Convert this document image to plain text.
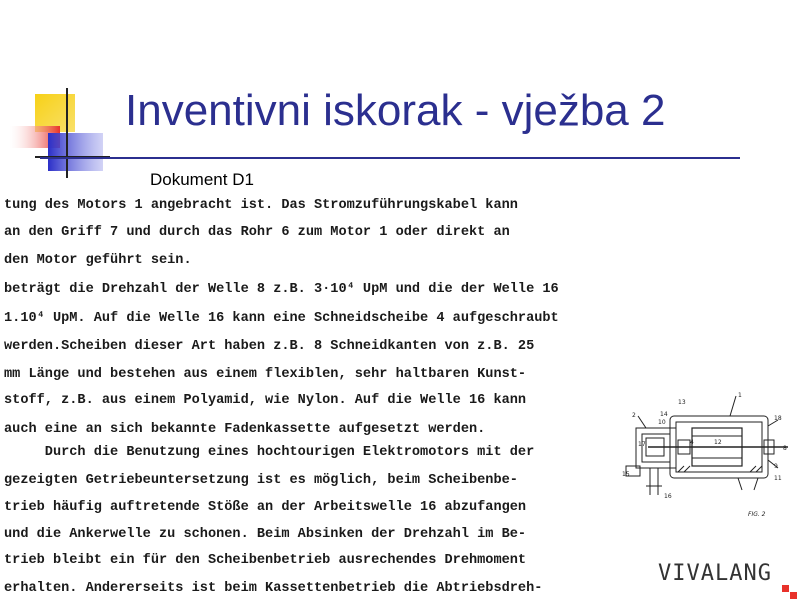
Inventivni iskorak - vježba 2
Dokument D1
tung des Motors 1 angebracht ist. Das Stromzuführungskabel kann
an den Griff 7 und durch das Rohr 6 zum Motor 1 oder direkt an
den Motor geführt sein.
beträgt die Drehzahl der Welle 8 z.B. 3·10⁴ UpM und die der Welle 16
1.10⁴ UpM. Auf die Welle 16 kann eine Schneidscheibe 4 aufgeschraubt
werden.Scheiben dieser Art haben z.B. 8 Schneidkanten von z.B. 25
mm Länge und bestehen aus einem flexiblen, sehr haltbaren Kunst-
stoff, z.B. aus einem Polyamid, wie Nylon. Auf die Welle 16 kann
auch eine an sich bekannte Fadenkassette aufgesetzt werden.
Durch die Benutzung eines hochtourigen Elektromotors mit der
gezeigten Getriebeuntersetzung ist es möglich, beim Scheibenbe-
trieb häufig auftretende Stöße an der Arbeitswelle 16 abzufangen
und die Ankerwelle zu schonen. Beim Absinken der Drehzahl im Be-
trieb bleibt ein für den Scheibenbetrieb ausrechendes Drehmoment
erhalten. Andererseits ist beim Kassettenbetrieb die Abtriebsdreh-
1
2
4
8
9
10
11
12
13
14
15
16
17
18
FIG. 2
VIVALANG
